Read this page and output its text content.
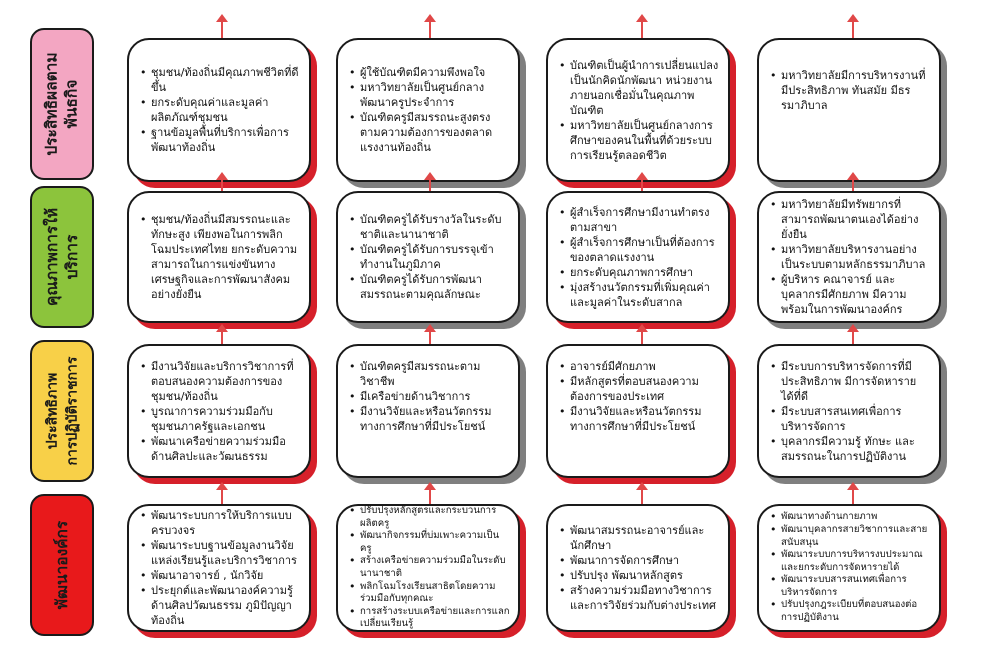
ประสิทธิผลตาม
พันธกิจ
คุณภาพการให้
บริการ
ประสิทธิภาพ
การปฏิบัติราชการ
พัฒนาองค์กร
• ชุมชน/ท้องถิ่นมีคุณภาพชีวิตที่ดีขึ้น
• ยกระดับคุณค่าและมูลค่าผลิตภัณฑ์ชุมชน
• ฐานข้อมูลพื้นที่บริการเพื่อการพัฒนาท้องถิ่น
• ผู้ใช้บัณฑิตมีความพึงพอใจ
• มหาวิทยาลัยเป็นศูนย์กลางพัฒนาครูประจำการ
• บัณฑิตครูมีสมรรถนะสูงตรงตามความต้องการของตลาดแรงงานท้องถิ่น
• บัณฑิตเป็นผู้นำการเปลี่ยนแปลง เป็นนักคิดนักพัฒนา หน่วยงานภายนอกเชื่อมั่นในคุณภาพบัณฑิต
• มหาวิทยาลัยเป็นศูนย์กลางการศึกษาของคนในพื้นที่ด้วยระบบการเรียนรู้ตลอดชีวิต
• มหาวิทยาลัยมีการบริหารงานที่มีประสิทธิภาพ ทันสมัย มีธรรมาภิบาล
• ชุมชน/ท้องถิ่นมีสมรรถนะและทักษะสูง เพียงพอในการพลิกโฉมประเทศไทย ยกระดับความสามารถในการแข่งขันทางเศรษฐกิจและการพัฒนาสังคมอย่างยั่งยืน
• บัณฑิตครูได้รับรางวัลในระดับชาติและนานาชาติ
• บัณฑิตครูได้รับการบรรจุเข้าทำงานในภูมิภาค
• บัณฑิตครูได้รับการพัฒนาสมรรถนะตามคุณลักษณะ
• ผู้สำเร็จการศึกษามีงานทำตรงตามสาขา
• ผู้สำเร็จการศึกษาเป็นที่ต้องการของตลาดแรงงาน
• ยกระดับคุณภาพการศึกษา
• มุ่งสร้างนวัตกรรมที่เพิ่มคุณค่าและมูลค่าในระดับสากล
• มหาวิทยาลัยมีทรัพยากรที่สามารถพัฒนาตนเองได้อย่างยั่งยืน
• มหาวิทยาลัยบริหารงานอย่างเป็นระบบตามหลักธรรมาภิบาล
• ผู้บริหาร คณาจารย์ และบุคลากรมีศักยภาพ มีความพร้อมในการพัฒนาองค์กร
• มีงานวิจัยและบริการวิชาการที่ตอบสนองความต้องการของชุมชน/ท้องถิ่น
• บูรณาการความร่วมมือกับชุมชนภาครัฐและเอกชน
• พัฒนาเครือข่ายความร่วมมือด้านศิลปะและวัฒนธรรม
• บัณฑิตครูมีสมรรถนะตามวิชาชีพ
• มีเครือข่ายด้านวิชาการ
• มีงานวิจัยและหรือนวัตกรรมทางการศึกษาที่มีประโยชน์
• อาจารย์มีศักยภาพ
• มีหลักสูตรที่ตอบสนองความต้องการของประเทศ
• มีงานวิจัยและหรือนวัตกรรมทางการศึกษาที่มีประโยชน์
• มีระบบการบริหารจัดการที่มีประสิทธิภาพ มีการจัดหารายได้ที่ดี
• มีระบบสารสนเทศเพื่อการบริหารจัดการ
• บุคลากรมีความรู้ ทักษะ และสมรรถนะในการปฏิบัติงาน
• พัฒนาระบบการให้บริการแบบครบวงจร
• พัฒนาระบบฐานข้อมูลงานวิจัยแหล่งเรียนรู้และบริการวิชาการ
• พัฒนาอาจารย์ , นักวิจัย
• ประยุกต์และพัฒนาองค์ความรู้ด้านศิลปวัฒนธรรม ภูมิปัญญาท้องถิ่น
• ปรับปรุงหลักสูตรและกระบวนการผลิตครู
• พัฒนากิจกรรมที่บ่มเพาะความเป็นครู
• สร้างเครือข่ายความร่วมมือในระดับนานาชาติ
• พลิกโฉมโรงเรียนสาธิตโดยความร่วมมือกับทุกคณะ
• การสร้างระบบเครือข่ายและการแลกเปลี่ยนเรียนรู้
• พัฒนาสมรรถนะอาจารย์และนักศึกษา
• พัฒนาการจัดการศึกษา
• ปรับปรุง พัฒนาหลักสูตร
• สร้างความร่วมมือทางวิชาการและการวิจัยร่วมกับต่างประเทศ
• พัฒนาทางด้านกายภาพ
• พัฒนาบุคลากรสายวิชาการและสายสนับสนุน
• พัฒนาระบบการบริหารงบประมาณและยกระดับการจัดหารายได้
• พัฒนาระบบสารสนเทศเพื่อการบริหารจัดการ
• ปรับปรุงกฎระเบียบที่ตอบสนองต่อการปฏิบัติงาน
